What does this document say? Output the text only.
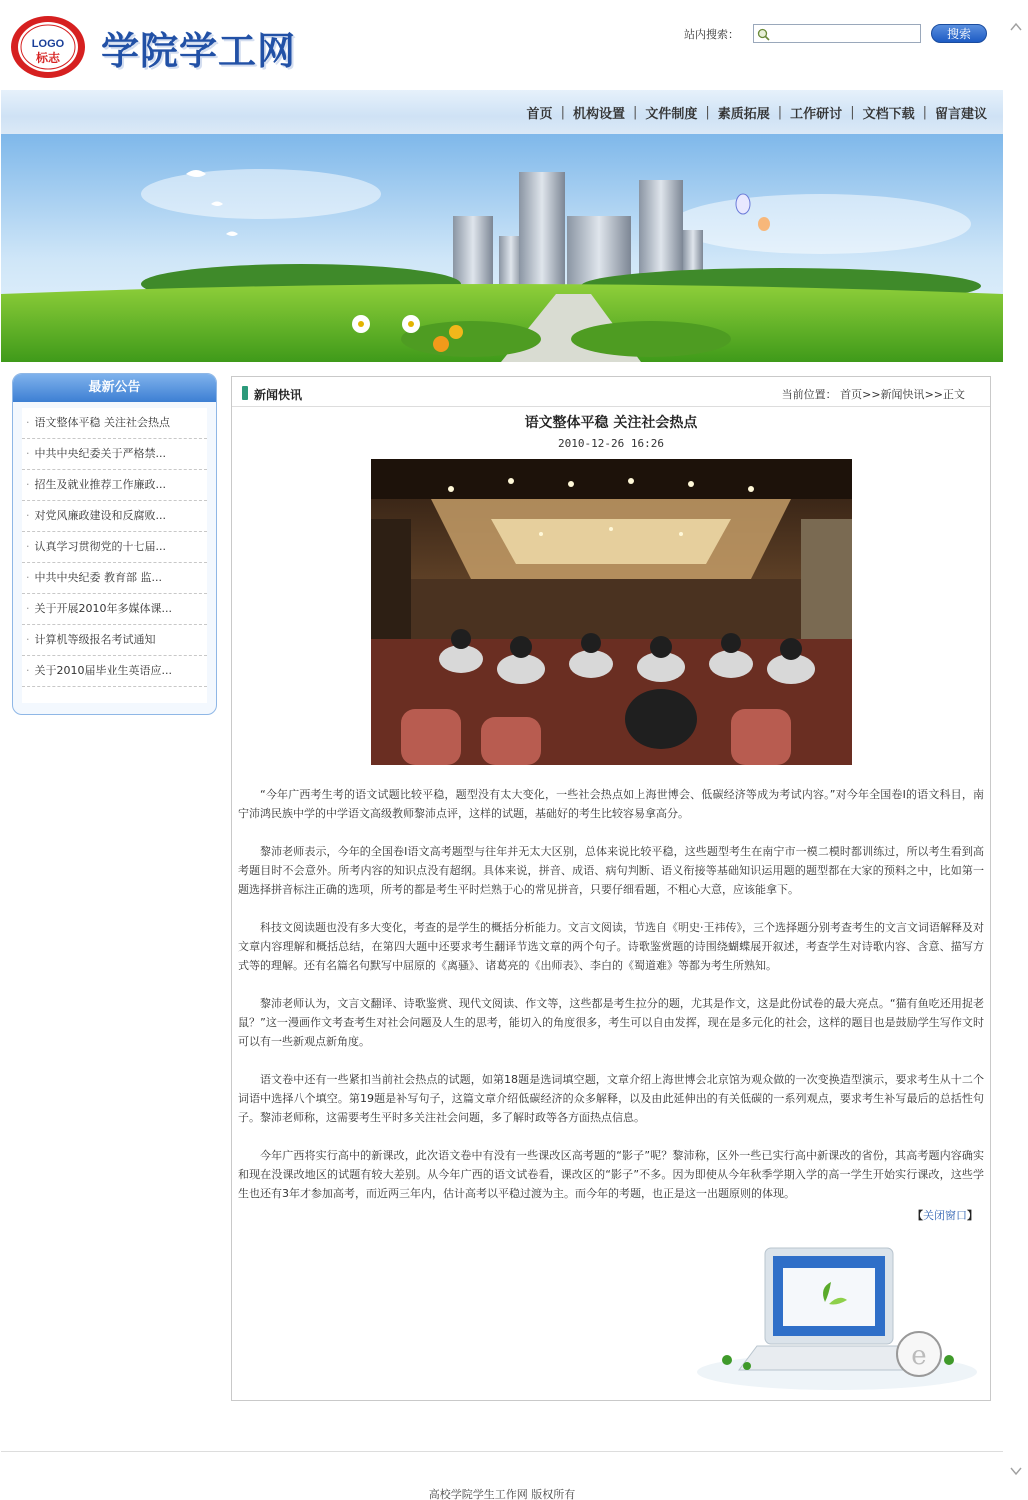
LOGO
标志 学院学工网	站内搜索：	搜索
首页 | 机构设置 | 文件制度 | 素质拓展 | 工作研讨 | 文档下载 | 留言建议
最新公告
· 语文整体平稳 关注社会热点
· 中共中央纪委关于严格禁...
· 招生及就业推荐工作廉政...
· 对党风廉政建设和反腐败...
· 认真学习贯彻党的十七届...
· 中共中央纪委 教育部 监...
· 关于开展2010年多媒体课...
· 计算机等级报名考试通知
· 关于2010届毕业生英语应...
新闻快讯	当前位置： 首页>>新闻快讯>>正文
语文整体平稳 关注社会热点
2010-12-26 16:26

“今年广西考生考的语文试题比较平稳，题型没有太大变化，一些社会热点如上海世博会、低碳经济等成为考试内容。”对今年全国卷Ⅰ的语文科目，南宁沛鸿民族中学的中学语文高级教师黎沛点评，这样的试题，基础好的考生比较容易拿高分。

黎沛老师表示，今年的全国卷Ⅰ语文高考题型与往年并无太大区别，总体来说比较平稳，这些题型考生在南宁市一模二模时都训练过，所以考生看到高考题目时不会意外。所考内容的知识点没有超纲。具体来说，拼音、成语、病句判断、语义衔接等基础知识运用题的题型都在大家的预料之中，比如第一题选择拼音标注正确的选项，所考的都是考生平时烂熟于心的常见拼音，只要仔细看题，不粗心大意，应该能拿下。

科技文阅读题也没有多大变化，考查的是学生的概括分析能力。文言文阅读，节选自《明史·王祎传》，三个选择题分别考查考生的文言文词语解释及对文章内容理解和概括总结，在第四大题中还要求考生翻译节选文章的两个句子。诗歌鉴赏题的诗围绕蝴蝶展开叙述，考查学生对诗歌内容、含意、描写方式等的理解。还有名篇名句默写中屈原的《离骚》、诸葛亮的《出师表》、李白的《蜀道难》等都为考生所熟知。

黎沛老师认为，文言文翻译、诗歌鉴赏、现代文阅读、作文等，这些都是考生拉分的题，尤其是作文，这是此份试卷的最大亮点。“猫有鱼吃还用捉老鼠？”这一漫画作文考查考生对社会问题及人生的思考，能切入的角度很多，考生可以自由发挥，现在是多元化的社会，这样的题目也是鼓励学生写作文时可以有一些新观点新角度。

语文卷中还有一些紧扣当前社会热点的试题，如第18题是选词填空题，文章介绍上海世博会北京馆为观众做的一次变换造型演示，要求考生从十二个词语中选择八个填空。第19题是补写句子，这篇文章介绍低碳经济的众多解释，以及由此延伸出的有关低碳的一系列观点，要求考生补写最后的总括性句子。黎沛老师称，这需要考生平时多关注社会问题，多了解时政等各方面热点信息。

今年广西将实行高中的新课改，此次语文卷中有没有一些课改区高考题的“影子”呢？黎沛称，区外一些已实行高中新课改的省份，其高考题内容确实和现在没课改地区的试题有较大差别。从今年广西的语文试卷看，课改区的“影子”不多。因为即使从今年秋季学期入学的高一学生开始实行课改，这些学生也还有3年才参加高考，而近两三年内，估计高考以平稳过渡为主。而今年的考题，也正是这一出题原则的体现。

【关闭窗口】
e
高校学院学生工作网 版权所有
